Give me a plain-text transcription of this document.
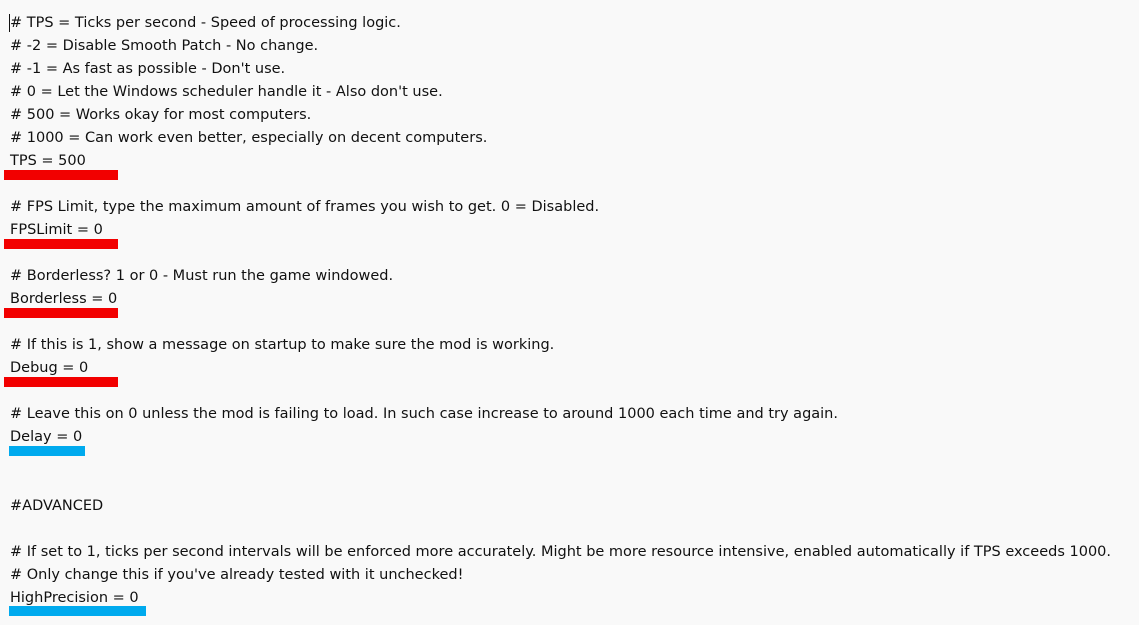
# TPS = Ticks per second - Speed of processing logic.
# -2 = Disable Smooth Patch - No change.
# -1 = As fast as possible - Don't use.
# 0 = Let the Windows scheduler handle it - Also don't use.
# 500 = Works okay for most computers.
# 1000 = Can work even better, especially on decent computers.
TPS = 500
# FPS Limit, type the maximum amount of frames you wish to get. 0 = Disabled.
FPSLimit = 0
# Borderless? 1 or 0 - Must run the game windowed.
Borderless = 0
# If this is 1, show a message on startup to make sure the mod is working.
Debug = 0
# Leave this on 0 unless the mod is failing to load. In such case increase to around 1000 each time and try again.
Delay = 0
#ADVANCED
# If set to 1, ticks per second intervals will be enforced more accurately. Might be more resource intensive, enabled automatically if TPS exceeds 1000.
# Only change this if you've already tested with it unchecked!
HighPrecision = 0
